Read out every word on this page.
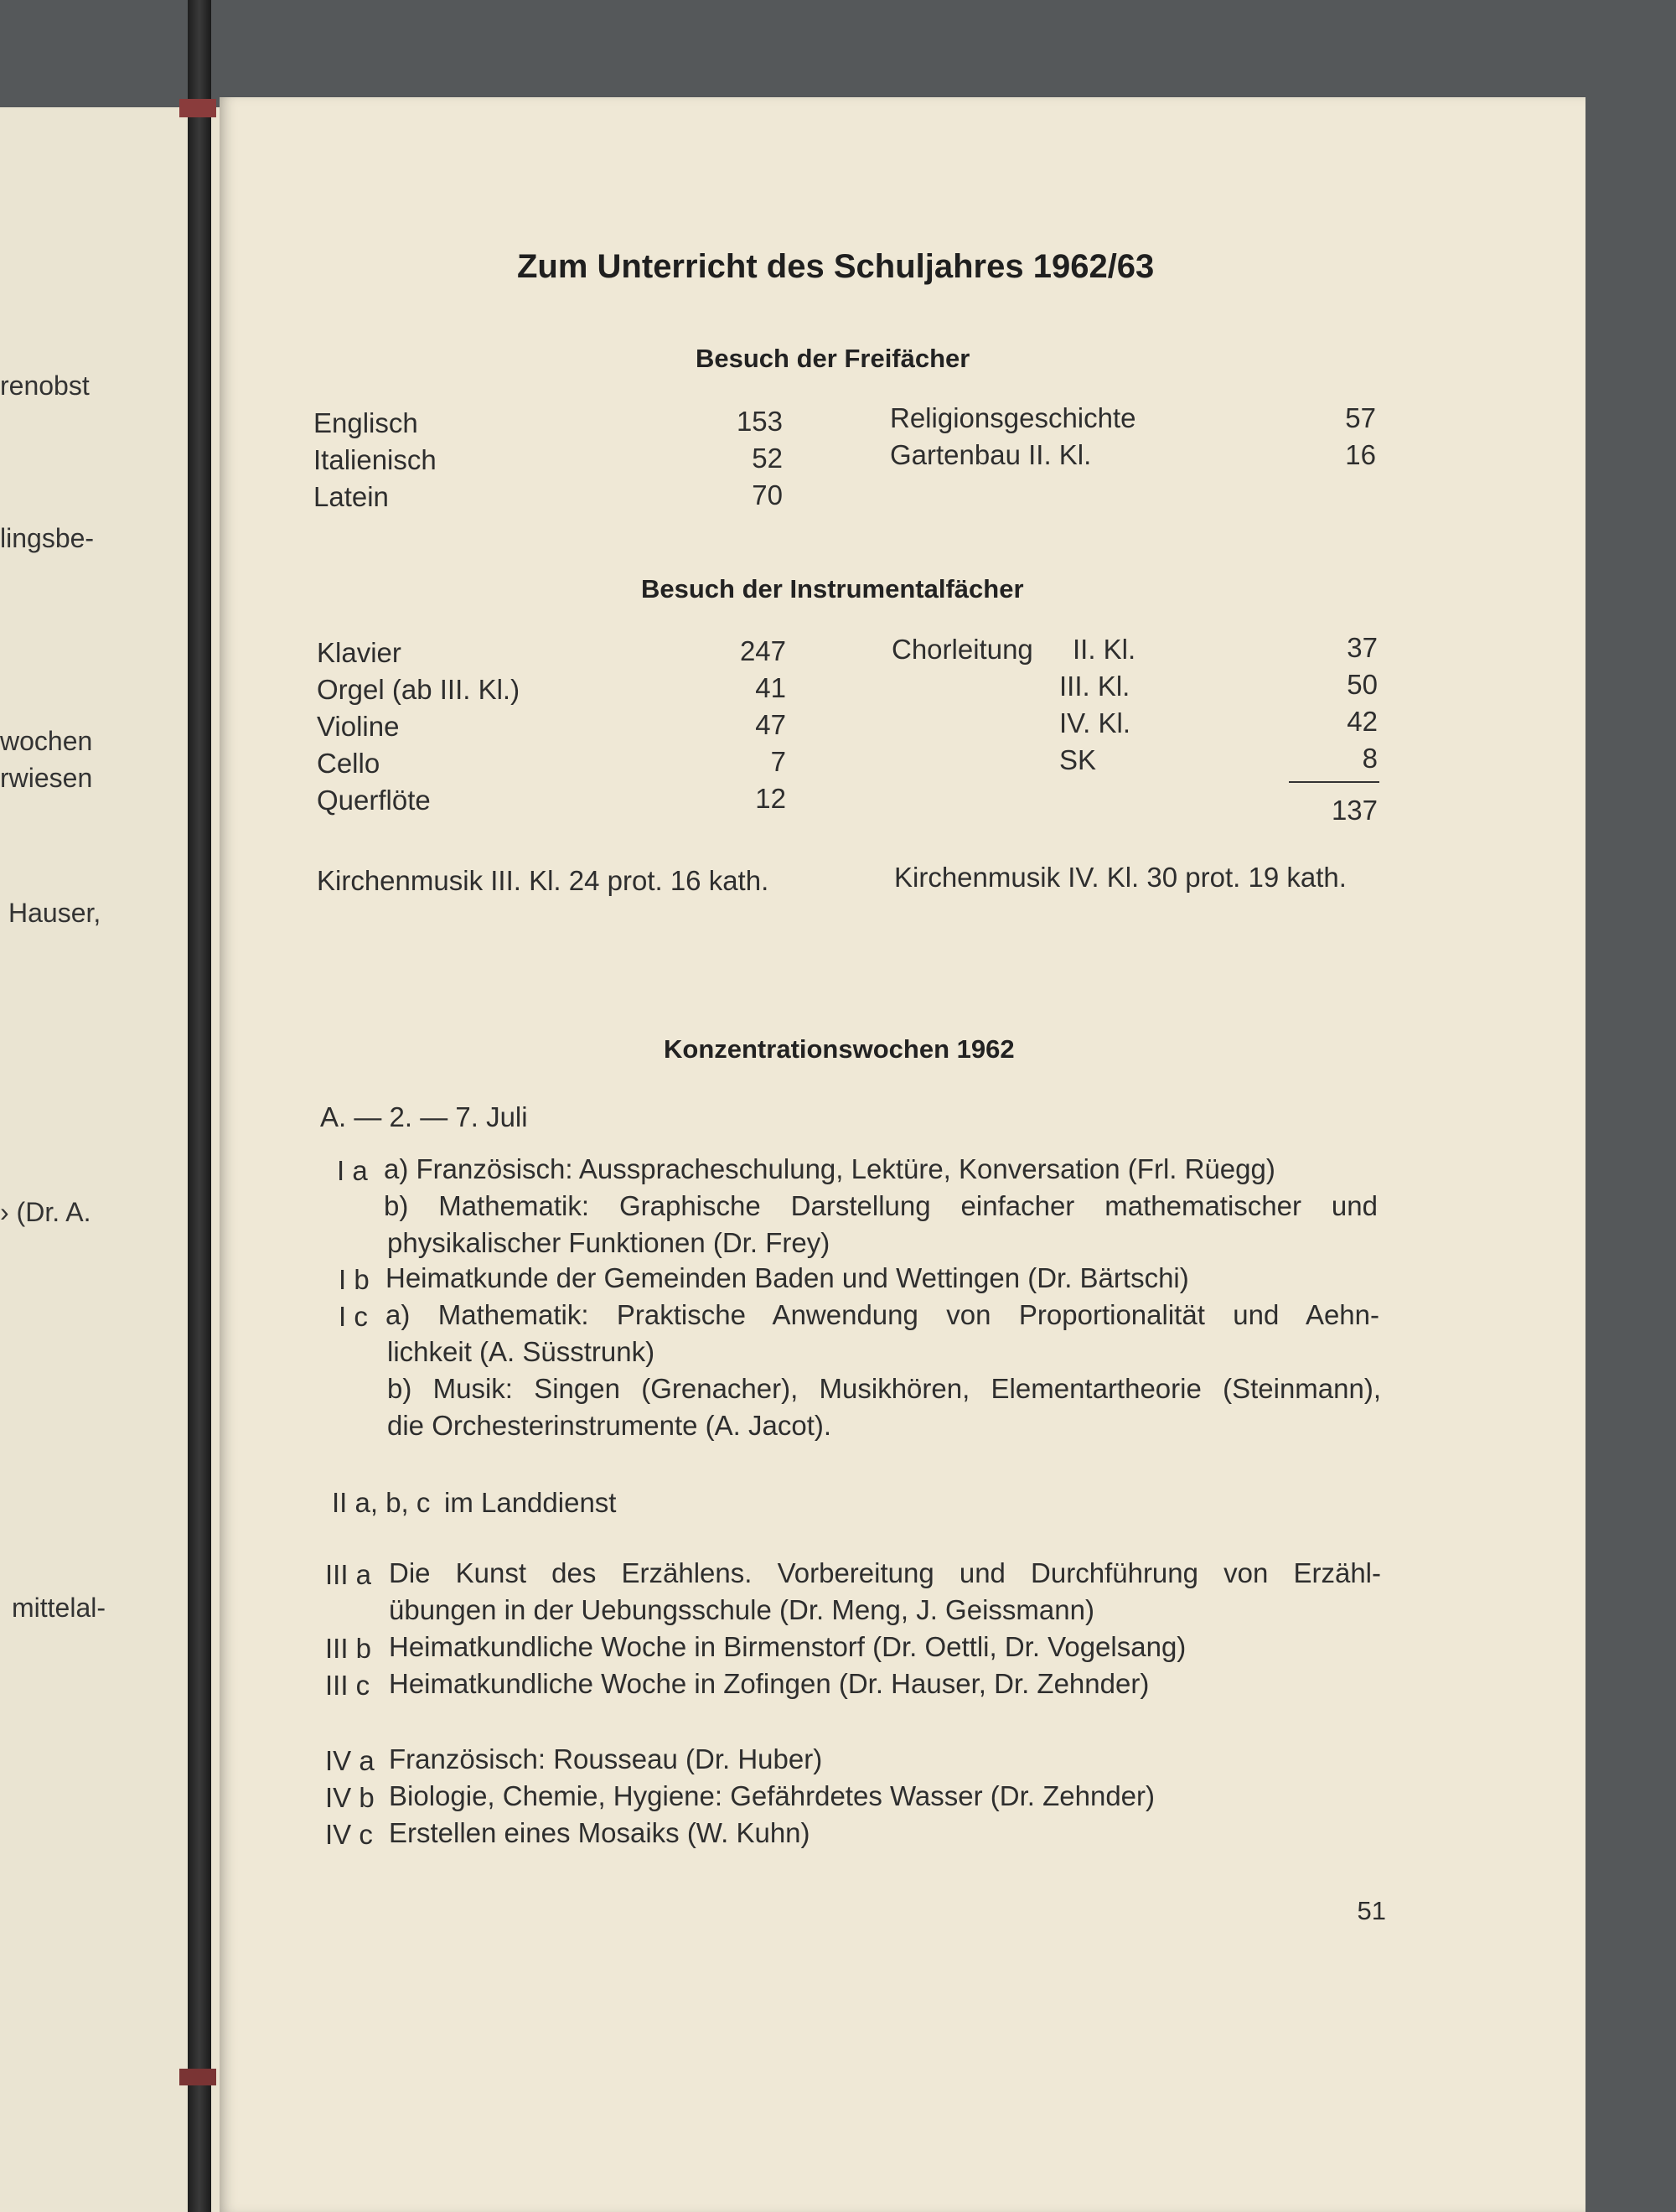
renobst
lingsbe-
wochen
rwiesen
Hauser,
› (Dr. A.
mittelal-
Zum Unterricht des Schuljahres 1962/63
Besuch der Freifächer
Englisch	153
Italienisch	52
Latein	70
Religionsgeschichte	57
Gartenbau II. Kl.	16
Besuch der Instrumentalfächer
Klavier	247
Orgel (ab III. Kl.)	41
Violine	47
Cello	7
Querflöte	12
Chorleitung II. Kl.	37
III. Kl.	50
IV. Kl.	42
SK	8
137
Kirchenmusik III. Kl. 24 prot. 16 kath.	Kirchenmusik IV. Kl. 30 prot. 19 kath.
Konzentrationswochen 1962
A. — 2. — 7. Juli
I a a) Französisch: Ausspracheschulung, Lektüre, Konversation (Frl. Rüegg)
b) Mathematik: Graphische Darstellung einfacher mathematischer und
physikalischer Funktionen (Dr. Frey)
I b Heimatkunde der Gemeinden Baden und Wettingen (Dr. Bärtschi)
I c a) Mathematik: Praktische Anwendung von Proportionalität und Aehn-
lichkeit (A. Süsstrunk)
b) Musik: Singen (Grenacher), Musikhören, Elementartheorie (Steinmann),
die Orchesterinstrumente (A. Jacot).
II a, b, c im Landdienst
III a Die Kunst des Erzählens. Vorbereitung und Durchführung von Erzähl-
übungen in der Uebungsschule (Dr. Meng, J. Geissmann)
III b Heimatkundliche Woche in Birmenstorf (Dr. Oettli, Dr. Vogelsang)
III c Heimatkundliche Woche in Zofingen (Dr. Hauser, Dr. Zehnder)
IV a Französisch: Rousseau (Dr. Huber)
IV b Biologie, Chemie, Hygiene: Gefährdetes Wasser (Dr. Zehnder)
IV c Erstellen eines Mosaiks (W. Kuhn)
51
